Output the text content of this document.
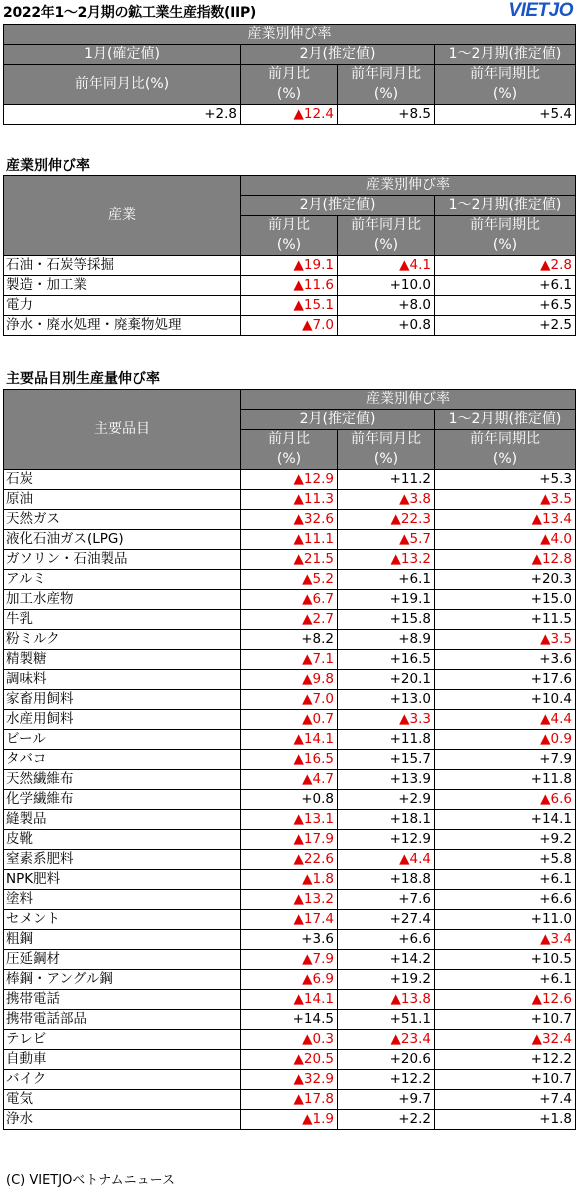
2022年1～2月期の鉱工業生産指数(IIP)	VIETJO
産業別伸び率			
1月(確定値)	2月(推定値)		1～2月期(推定値)
前年同月比(%)	前月比	前年同月比	前年同期比
	(%)	(%)	(%)
+2.8	▲12.4	+8.5	+5.4
産業別伸び率
産業	産業別伸び率		
	2月(推定値)		1～2月期(推定値)
	前月比	前年同月比	前年同期比
	(%)	(%)	(%)
石油・石炭等採掘	▲19.1	▲4.1	▲2.8
製造・加工業	▲11.6	+10.0	+6.1
電力	▲15.1	+8.0	+6.5
浄水・廃水処理・廃棄物処理	▲7.0	+0.8	+2.5
主要品目別生産量伸び率
主要品目	産業別伸び率		
	2月(推定値)		1～2月期(推定値)
	前月比	前年同月比	前年同期比
	(%)	(%)	(%)
石炭	▲12.9	+11.2	+5.3
原油	▲11.3	▲3.8	▲3.5
天然ガス	▲32.6	▲22.3	▲13.4
液化石油ガス(LPG)	▲11.1	▲5.7	▲4.0
ガソリン・石油製品	▲21.5	▲13.2	▲12.8
アルミ	▲5.2	+6.1	+20.3
加工水産物	▲6.7	+19.1	+15.0
牛乳	▲2.7	+15.8	+11.5
粉ミルク	+8.2	+8.9	▲3.5
精製糖	▲7.1	+16.5	+3.6
調味料	▲9.8	+20.1	+17.6
家畜用飼料	▲7.0	+13.0	+10.4
水産用飼料	▲0.7	▲3.3	▲4.4
ビール	▲14.1	+11.8	▲0.9
タバコ	▲16.5	+15.7	+7.9
天然繊維布	▲4.7	+13.9	+11.8
化学繊維布	+0.8	+2.9	▲6.6
縫製品	▲13.1	+18.1	+14.1
皮靴	▲17.9	+12.9	+9.2
窒素系肥料	▲22.6	▲4.4	+5.8
NPK肥料	▲1.8	+18.8	+6.1
塗料	▲13.2	+7.6	+6.6
セメント	▲17.4	+27.4	+11.0
粗鋼	+3.6	+6.6	▲3.4
圧延鋼材	▲7.9	+14.2	+10.5
棒鋼・アングル鋼	▲6.9	+19.2	+6.1
携帯電話	▲14.1	▲13.8	▲12.6
携帯電話部品	+14.5	+51.1	+10.7
テレビ	▲0.3	▲23.4	▲32.4
自動車	▲20.5	+20.6	+12.2
バイク	▲32.9	+12.2	+10.7
電気	▲17.8	+9.7	+7.4
浄水	▲1.9	+2.2	+1.8
(C) VIETJOベトナムニュース
